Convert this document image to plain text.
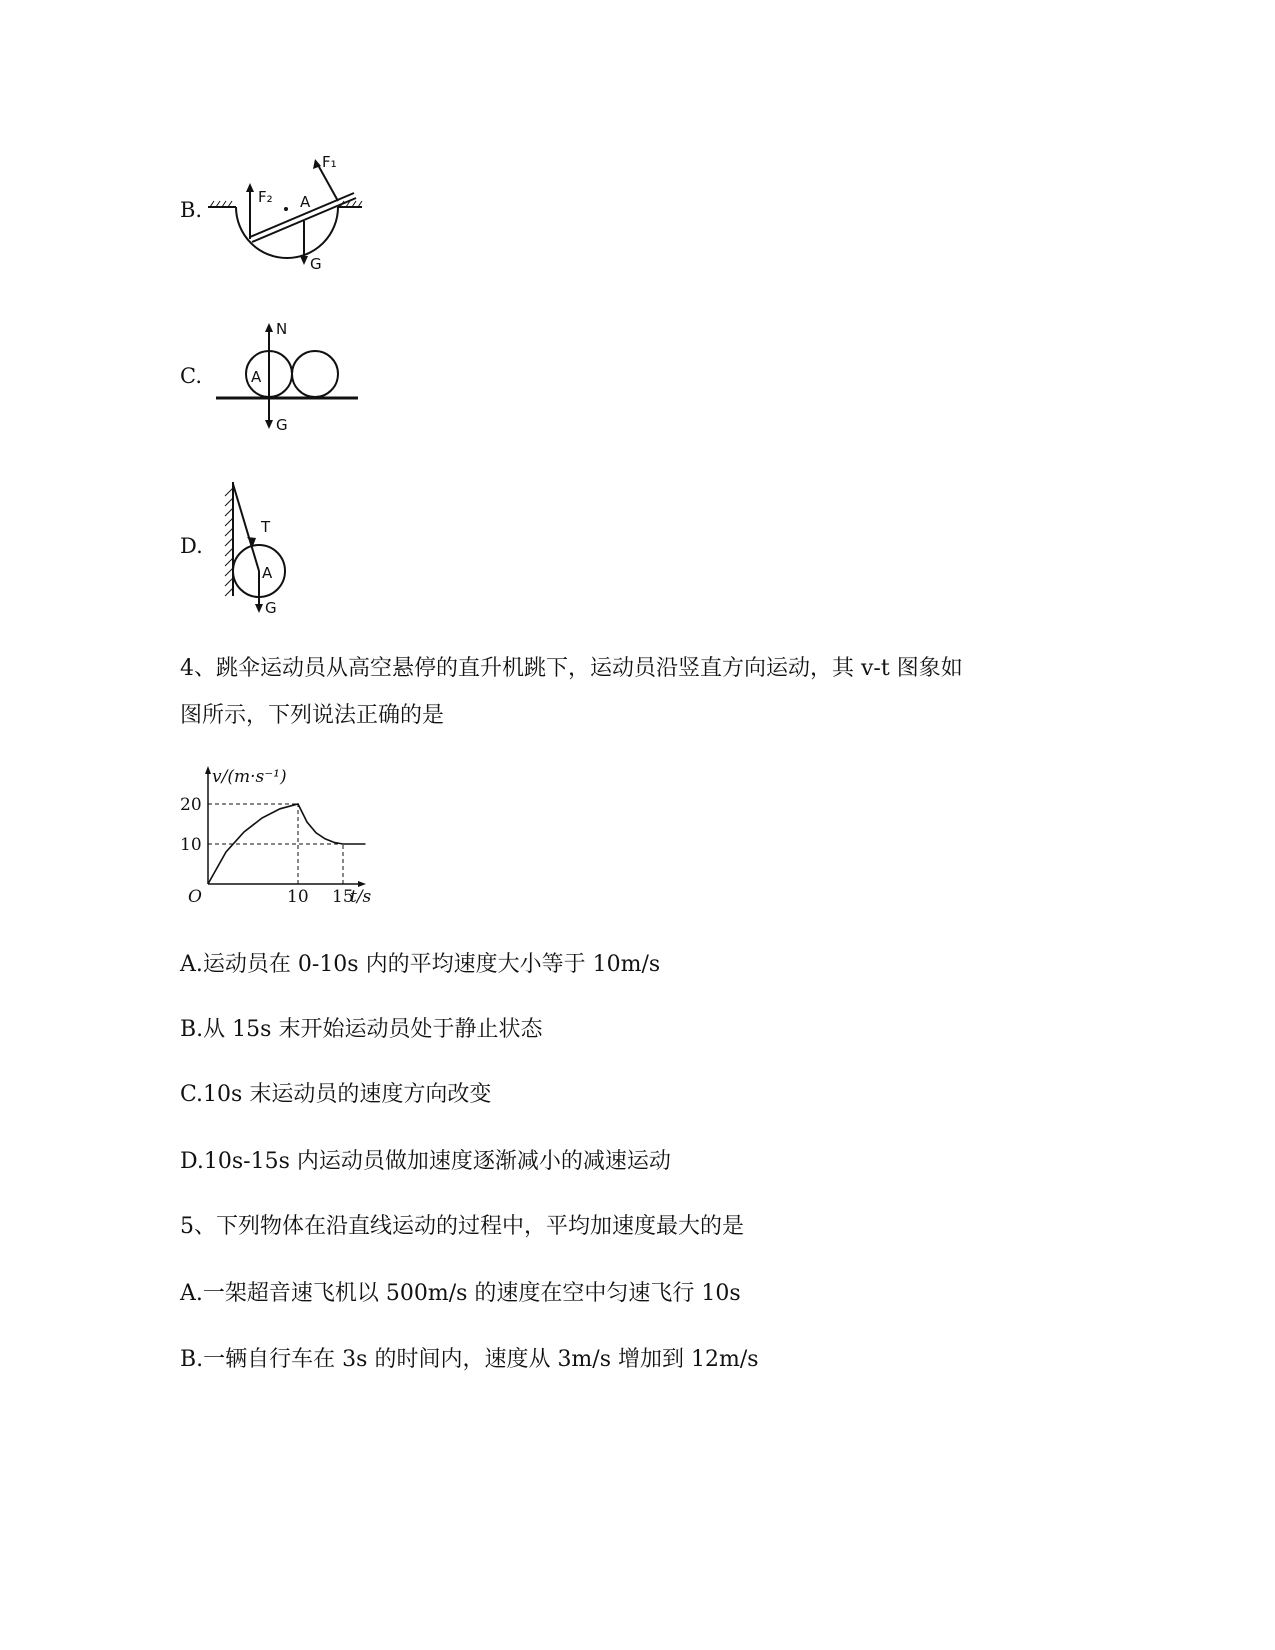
B.
F₂
F₁
A
G
C.
N
A
G
D.
T
A
G
4、跳伞运动员从高空悬停的直升机跳下，运动员沿竖直方向运动，其 v-t 图象如
图所示，下列说法正确的是
10 15
10
20
v/(m·s⁻¹)
t/s
O
A.运动员在 0-10s 内的平均速度大小等于 10m/s
B.从 15s 末开始运动员处于静止状态
C.10s 末运动员的速度方向改变
D.10s-15s 内运动员做加速度逐渐减小的减速运动
5、下列物体在沿直线运动的过程中，平均加速度最大的是
A.一架超音速飞机以 500m/s 的速度在空中匀速飞行 10s
B.一辆自行车在 3s 的时间内，速度从 3m/s 增加到 12m/s
